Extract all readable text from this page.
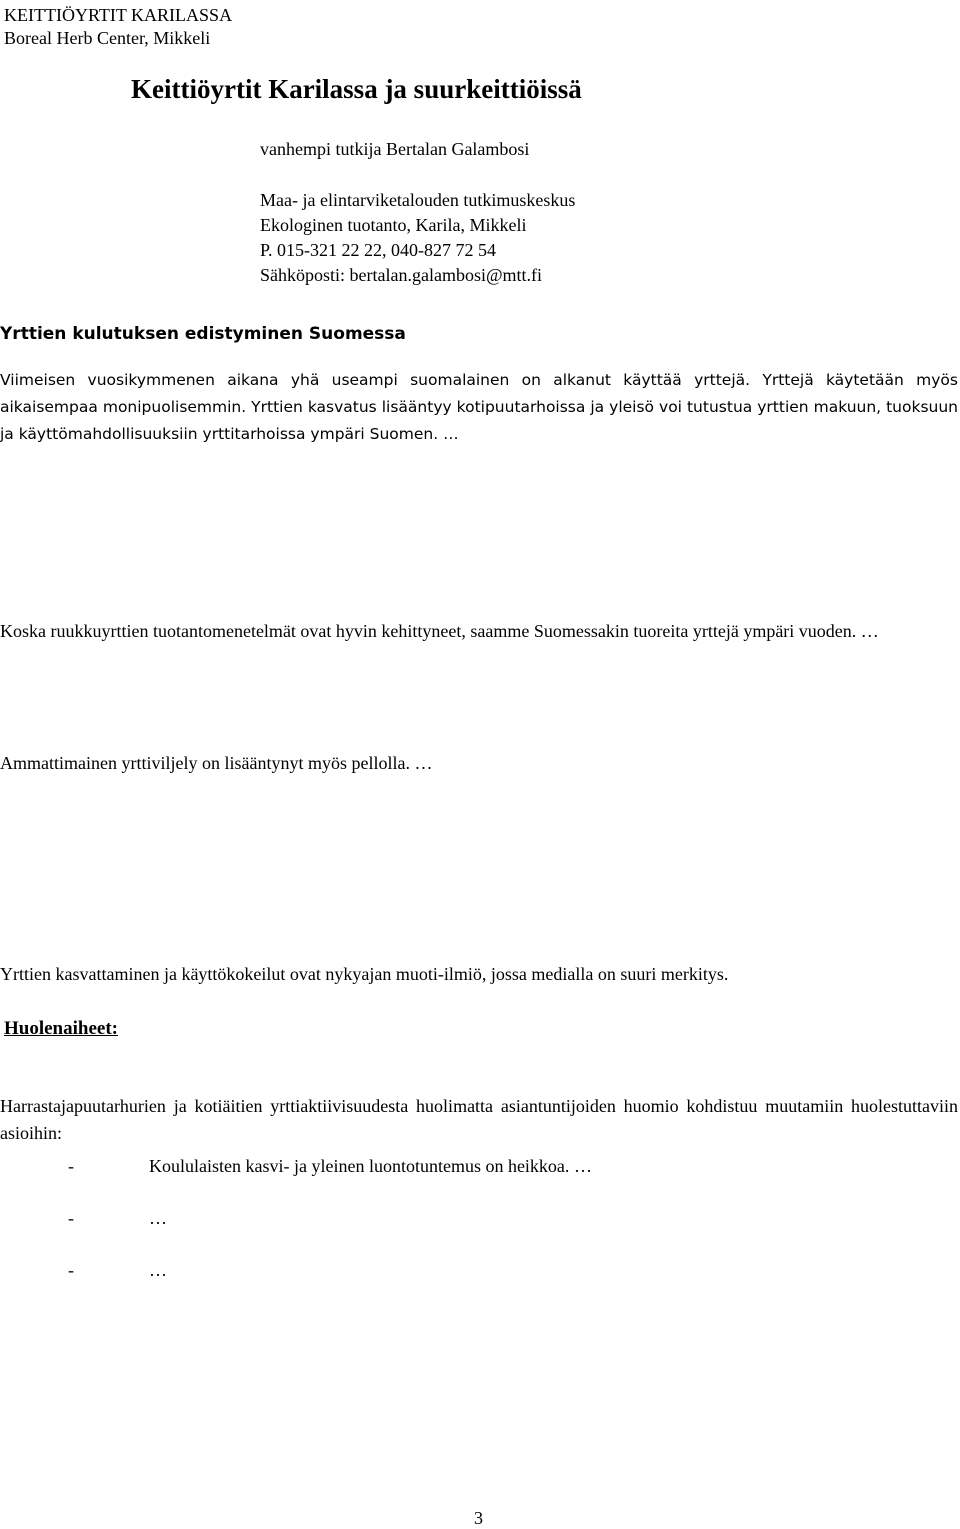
KEITTIÖYRTIT KARILASSA
Boreal Herb Center, Mikkeli
Keittiöyrtit Karilassa ja suurkeittiöissä
vanhempi tutkija Bertalan Galambosi
Maa- ja elintarviketalouden tutkimuskeskus
Ekologinen tuotanto, Karila, Mikkeli
P. 015-321 22 22, 040-827 72 54
Sähköposti: bertalan.galambosi@mtt.fi
Yrttien kulutuksen edistyminen Suomessa

Viimeisen vuosikymmenen aikana yhä useampi suomalainen on alkanut käyttää yrttejä. Yrttejä käytetään myös aikaisempaa monipuolisemmin. Yrttien kasvatus lisääntyy kotipuutarhoissa ja yleisö voi tutustua yrttien makuun, tuoksuun ja käyttömahdollisuuksiin yrttitarhoissa ympäri Suomen. …

Koska ruukkuyrttien tuotantomenetelmät ovat hyvin kehittyneet, saamme Suomessakin tuoreita yrttejä ympäri vuoden. …

Ammattimainen yrttiviljely on lisääntynyt myös pellolla. …

Yrttien kasvattaminen ja käyttökokeilut ovat nykyajan muoti-ilmiö, jossa medialla on suuri merkitys.

Huolenaiheet:

Harrastajapuutarhurien ja kotiäitien yrttiaktiivisuudesta huolimatta asiantuntijoiden huomio kohdistuu muutamiin huolestuttaviin asioihin:

-	Koululaisten kasvi- ja yleinen luontotuntemus on heikkoa. …
-	…
-	…
3
